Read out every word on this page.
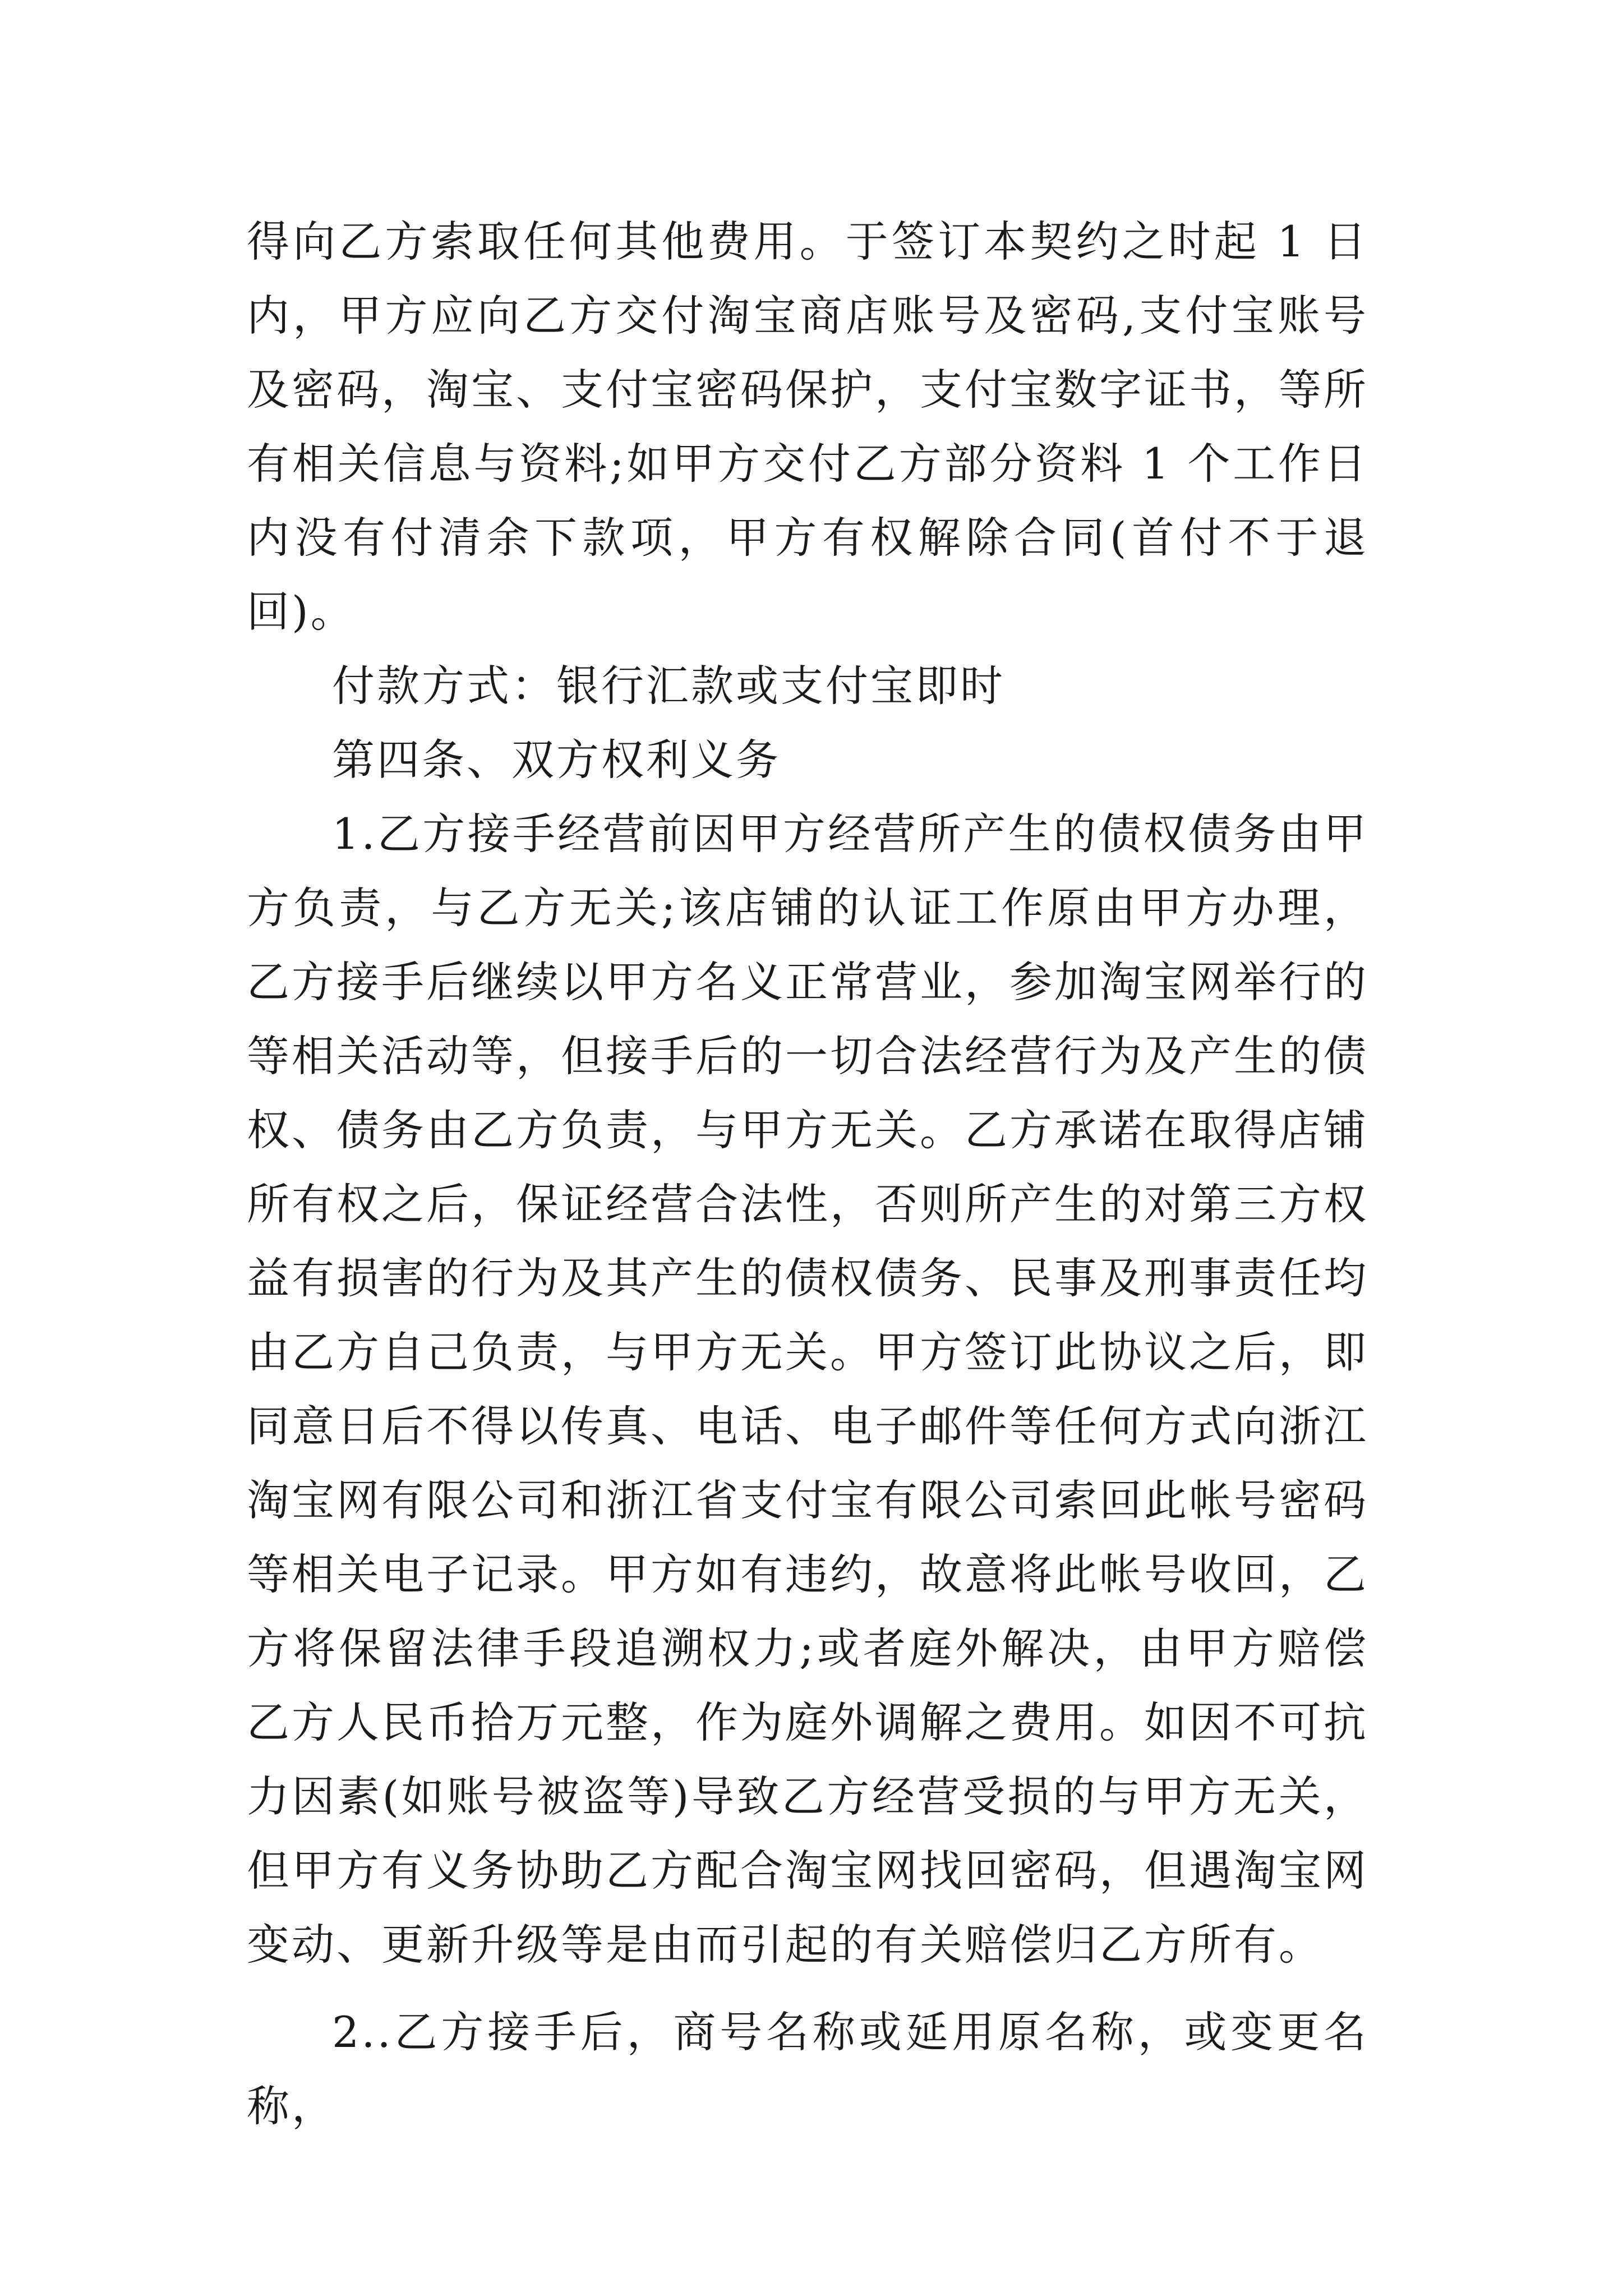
得向乙方索取任何其他费用。于签订本契约之时起 1 日内，甲方应向乙方交付淘宝商店账号及密码,支付宝账号及密码，淘宝、支付宝密码保护，支付宝数字证书，等所有相关信息与资料;如甲方交付乙方部分资料 1 个工作日内没有付清余下款项，甲方有权解除合同(首付不于退回)。

付款方式：银行汇款或支付宝即时

第四条、双方权利义务

1.乙方接手经营前因甲方经营所产生的债权债务由甲方负责，与乙方无关;该店铺的认证工作原由甲方办理，乙方接手后继续以甲方名义正常营业，参加淘宝网举行的等相关活动等，但接手后的一切合法经营行为及产生的债权、债务由乙方负责，与甲方无关。乙方承诺在取得店铺所有权之后，保证经营合法性，否则所产生的对第三方权益有损害的行为及其产生的债权债务、民事及刑事责任均由乙方自己负责，与甲方无关。甲方签订此协议之后，即同意日后不得以传真、电话、电子邮件等任何方式向浙江淘宝网有限公司和浙江省支付宝有限公司索回此帐号密码等相关电子记录。甲方如有违约，故意将此帐号收回，乙方将保留法律手段追溯权力;或者庭外解决，由甲方赔偿乙方人民币拾万元整，作为庭外调解之费用。如因不可抗力因素(如账号被盗等)导致乙方经营受损的与甲方无关，但甲方有义务协助乙方配合淘宝网找回密码，但遇淘宝网变动、更新升级等是由而引起的有关赔偿归乙方所有。

2..乙方接手后，商号名称或延用原名称，或变更名称，
